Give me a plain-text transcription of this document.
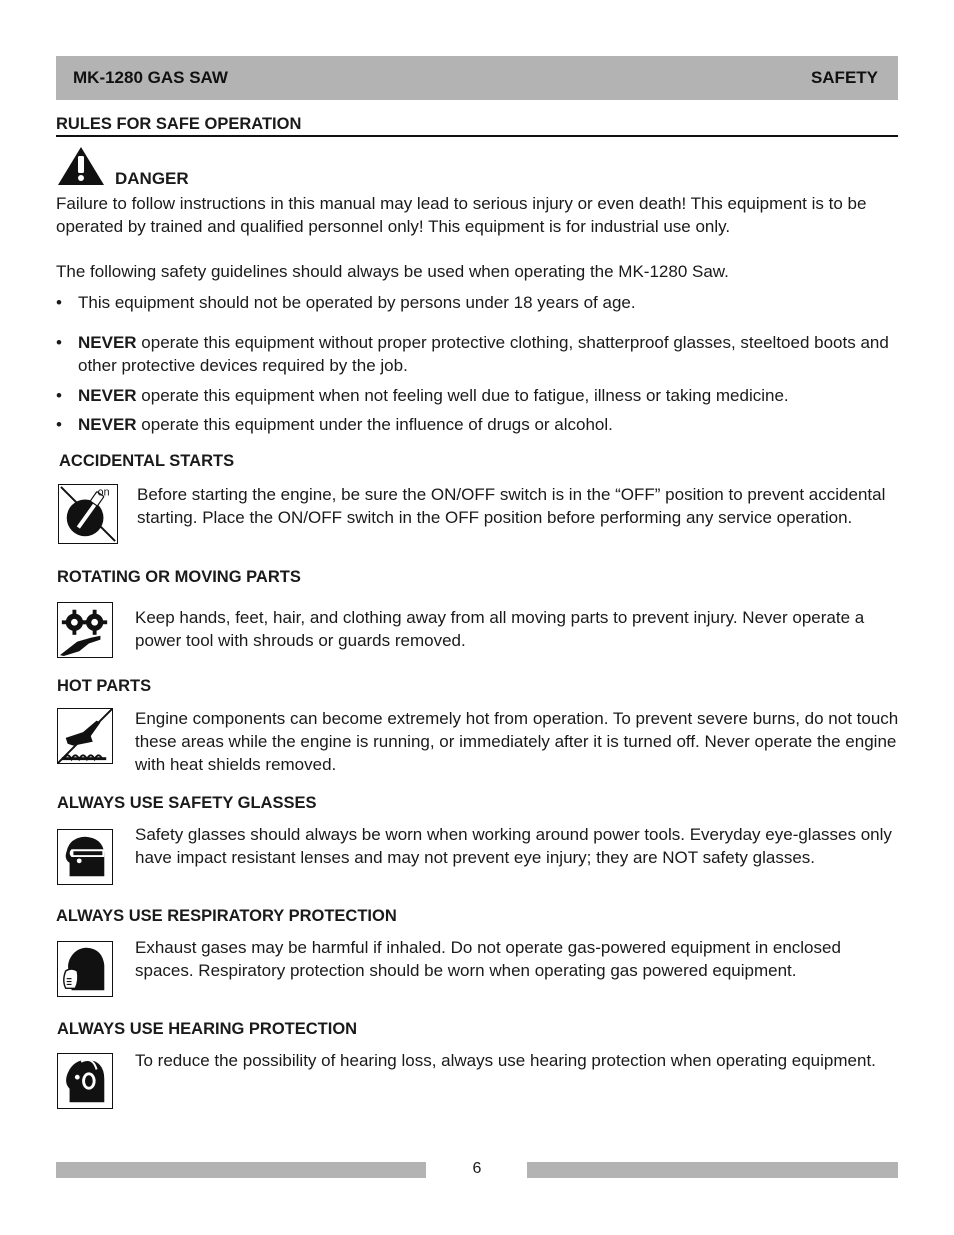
MK-1280 GAS SAW	SAFETY
RULES FOR SAFE OPERATION
DANGER

Failure to follow instructions in this manual may lead to serious injury or even death! This equipment is to be operated by trained and qualified personnel only! This equipment is for industrial use only.

The following safety guidelines should always be used when operating the MK-1280 Saw.

• This equipment should not be operated by persons under 18 years of age.
• NEVER operate this equipment without proper protective clothing, shatterproof glasses, steeltoed boots and other protective devices required by the job.
• NEVER operate this equipment when not feeling well due to fatigue, illness or taking medicine.
• NEVER operate this equipment under the influence of drugs or alcohol.
ACCIDENTAL STARTS
on Before starting the engine, be sure the ON/OFF switch is in the “OFF” position to prevent accidental starting. Place the ON/OFF switch in the OFF position before performing any service operation.
ROTATING OR MOVING PARTS
Keep hands, feet, hair, and clothing away from all moving parts to prevent injury. Never operate a power tool with shrouds or guards removed.
HOT PARTS
Engine components can become extremely hot from operation. To prevent severe burns, do not touch these areas while the engine is running, or immediately after it is turned off. Never operate the engine with heat shields removed.
ALWAYS USE SAFETY GLASSES
Safety glasses should always be worn when working around power tools. Everyday eye-glasses only have impact resistant lenses and may not prevent eye injury; they are NOT safety glasses.
ALWAYS USE RESPIRATORY PROTECTION
Exhaust gases may be harmful if inhaled. Do not operate gas-powered equipment in enclosed spaces. Respiratory protection should be worn when operating gas powered equipment.
ALWAYS USE HEARING PROTECTION
To reduce the possibility of hearing loss, always use hearing protection when operating equipment.
6
